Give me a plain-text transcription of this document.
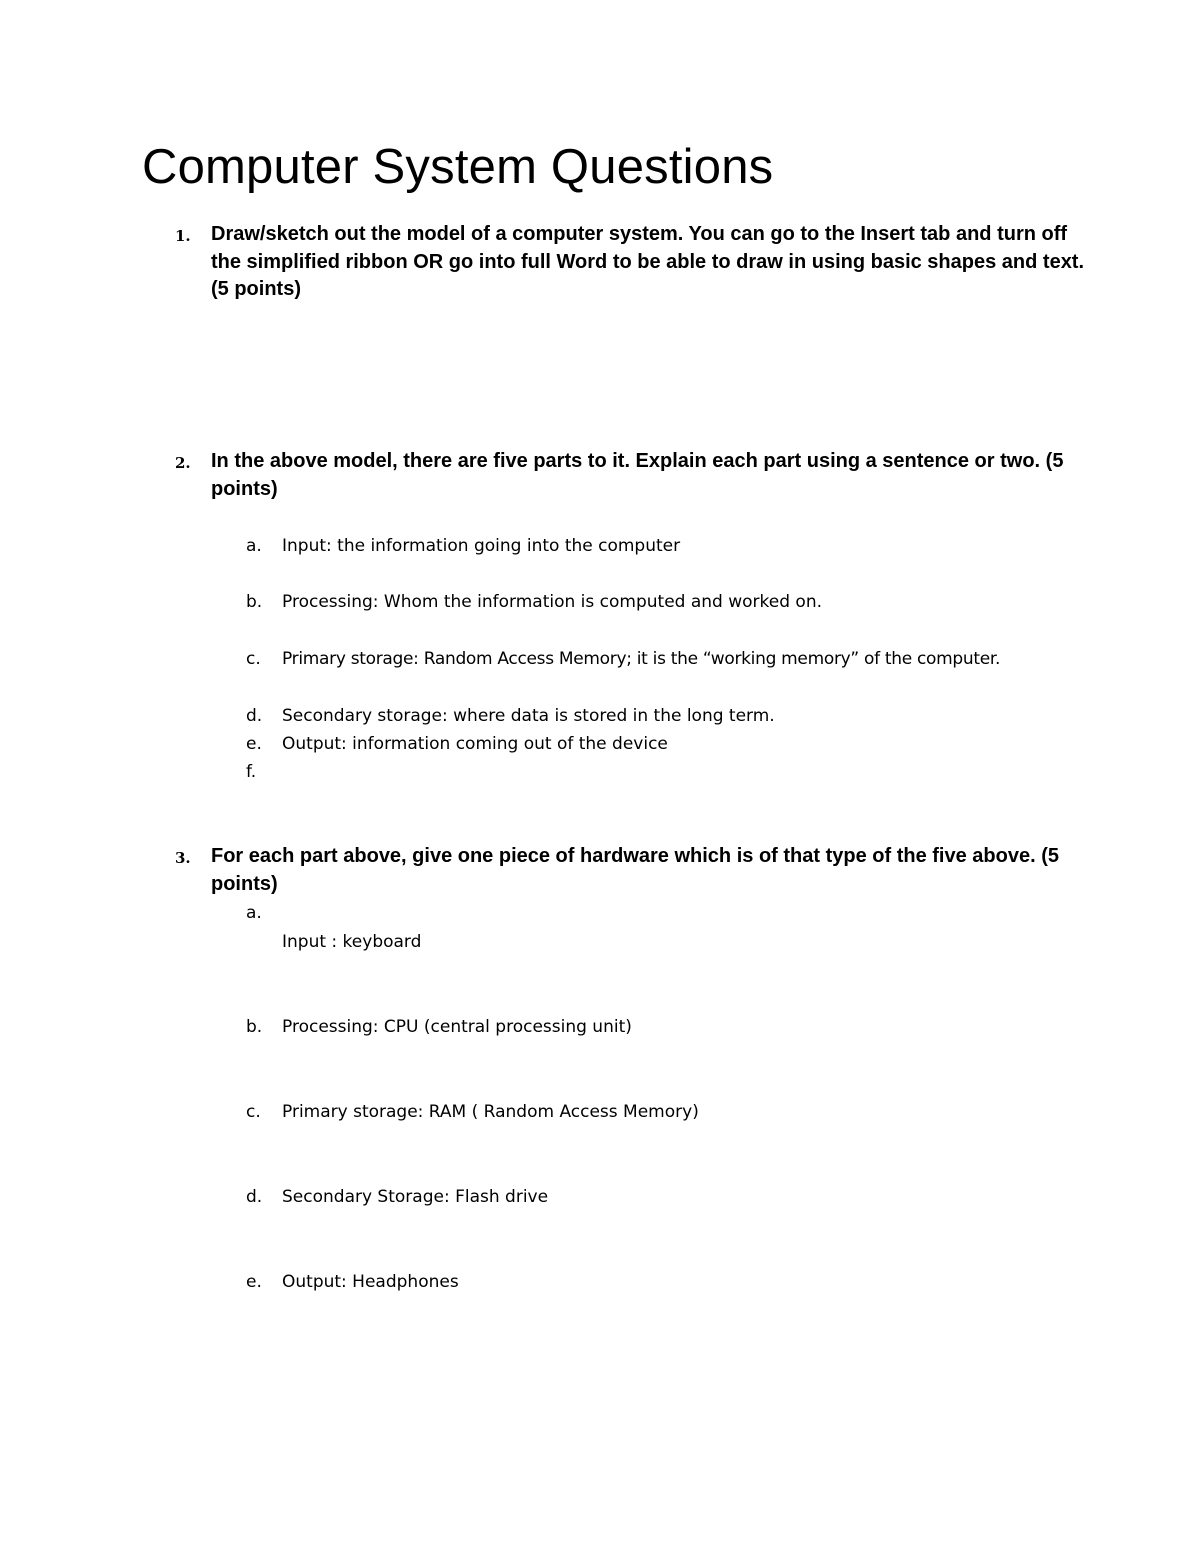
Computer System Questions
1. Draw/sketch out the model of a computer system. You can go to the Insert tab and turn off the simplified ribbon OR go into full Word to be able to draw in using basic shapes and text. (5 points)
2. In the above model, there are five parts to it. Explain each part using a sentence or two. (5 points)
a. Input: the information going into the computer
b. Processing: Whom the information is computed and worked on.
c. Primary storage: Random Access Memory; it is the “working memory” of the computer.
d. Secondary storage: where data is stored in the long term.
e. Output: information coming out of the device
f.
3. For each part above, give one piece of hardware which is of that type of the five above. (5 points)
a.
Input : keyboard
b. Processing: CPU (central processing unit)
c. Primary storage: RAM ( Random Access Memory)
d. Secondary Storage: Flash drive
e. Output: Headphones
